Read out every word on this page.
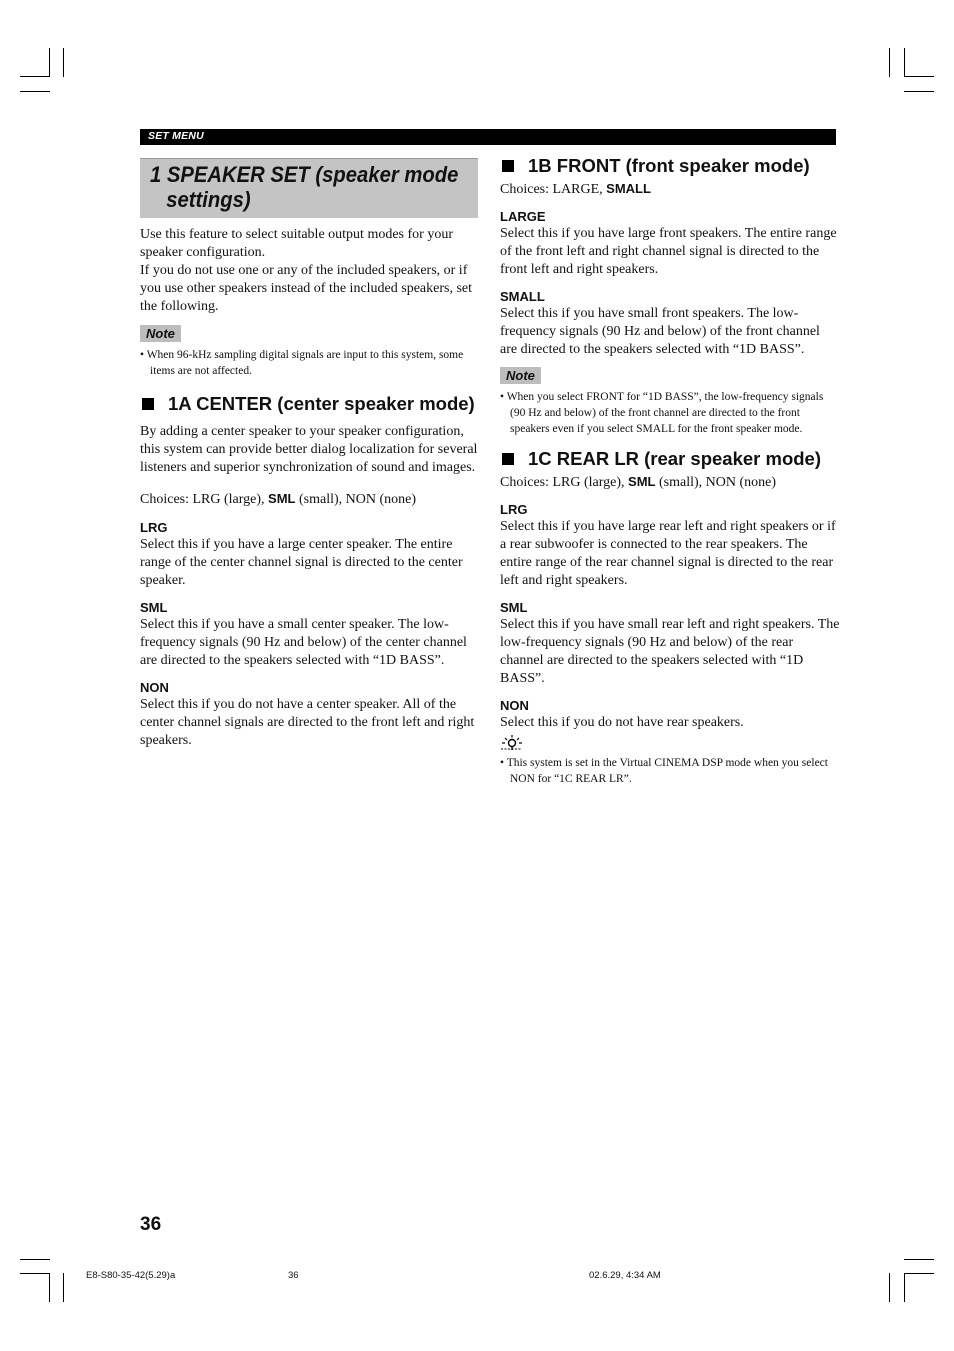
SET MENU
1 SPEAKER SET (speaker mode
settings)

Use this feature to select suitable output modes for your speaker configuration.

If you do not use one or any of the included speakers, or if you use other speakers instead of the included speakers, set the following.

Note

• When 96-kHz sampling digital signals are input to this system, some items are not affected.

1A CENTER (center speaker mode)

By adding a center speaker to your speaker configuration, this system can provide better dialog localization for several listeners and superior synchronization of sound and images.

Choices: LRG (large), SML (small), NON (none)

LRG

Select this if you have a large center speaker. The entire range of the center channel signal is directed to the center speaker.

SML

Select this if you have a small center speaker. The low-frequency signals (90 Hz and below) of the center channel are directed to the speakers selected with “1D BASS”.

NON

Select this if you do not have a center speaker. All of the center channel signals are directed to the front left and right speakers.

1B FRONT (front speaker mode)

Choices: LARGE, SMALL

LARGE

Select this if you have large front speakers. The entire range of the front left and right channel signal is directed to the front left and right speakers.

SMALL

Select this if you have small front speakers. The low-frequency signals (90 Hz and below) of the front channel are directed to the speakers selected with “1D BASS”.

Note

• When you select FRONT for “1D BASS”, the low-frequency signals (90 Hz and below) of the front channel are directed to the front speakers even if you select SMALL for the front speaker mode.

1C REAR LR (rear speaker mode)

Choices: LRG (large), SML (small), NON (none)

LRG

Select this if you have large rear left and right speakers or if a rear subwoofer is connected to the rear speakers. The entire range of the rear channel signal is directed to the rear left and right speakers.

SML

Select this if you have small rear left and right speakers. The low-frequency signals (90 Hz and below) of the rear channel are directed to the speakers selected with “1D BASS”.

NON

Select this if you do not have rear speakers.

• This system is set in the Virtual CINEMA DSP mode when you select NON for “1C REAR LR”.

36
E8-S80-35-42(5.29)a	36	02.6.29, 4:34 AM
